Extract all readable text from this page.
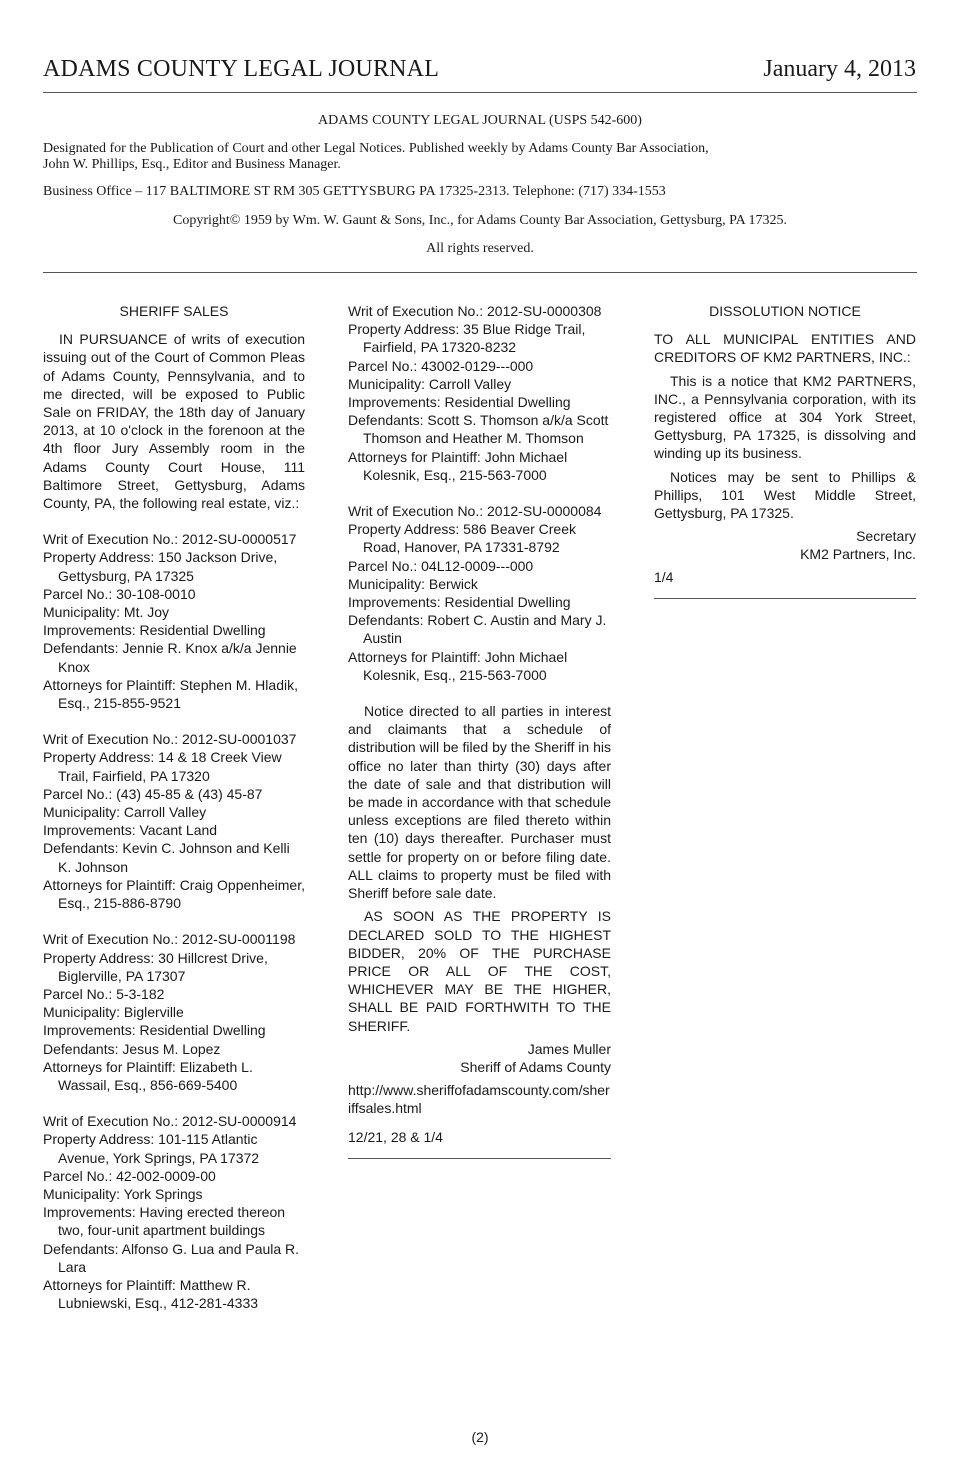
ADAMS COUNTY LEGAL JOURNAL	January 4, 2013
ADAMS COUNTY LEGAL JOURNAL (USPS 542-600)
Designated for the Publication of Court and other Legal Notices. Published weekly by Adams County Bar Association,
John W. Phillips, Esq., Editor and Business Manager.
Business Office – 117 BALTIMORE ST RM 305 GETTYSBURG PA 17325-2313. Telephone: (717) 334-1553
Copyright© 1959 by Wm. W. Gaunt & Sons, Inc., for Adams County Bar Association, Gettysburg, PA 17325.
All rights reserved.
SHERIFF SALES

IN PURSUANCE of writs of execution issuing out of the Court of Common Pleas of Adams County, Pennsylvania, and to me directed, will be exposed to Public Sale on FRIDAY, the 18th day of January 2013, at 10 o'clock in the forenoon at the 4th floor Jury Assembly room in the Adams County Court House, 111 Baltimore Street, Gettysburg, Adams County, PA, the following real estate, viz.:

Writ of Execution No.: 2012-SU-0000517
Property Address: 150 Jackson Drive, Gettysburg, PA 17325
Parcel No.: 30-108-0010
Municipality: Mt. Joy
Improvements: Residential Dwelling
Defendants: Jennie R. Knox a/k/a Jennie Knox
Attorneys for Plaintiff: Stephen M. Hladik, Esq., 215-855-9521
Writ of Execution No.: 2012-SU-0001037
Property Address: 14 & 18 Creek View Trail, Fairfield, PA 17320
Parcel No.: (43) 45-85 & (43) 45-87
Municipality: Carroll Valley
Improvements: Vacant Land
Defendants: Kevin C. Johnson and Kelli K. Johnson
Attorneys for Plaintiff: Craig Oppenheimer, Esq., 215-886-8790
Writ of Execution No.: 2012-SU-0001198
Property Address: 30 Hillcrest Drive, Biglerville, PA 17307
Parcel No.: 5-3-182
Municipality: Biglerville
Improvements: Residential Dwelling
Defendants: Jesus M. Lopez
Attorneys for Plaintiff: Elizabeth L. Wassail, Esq., 856-669-5400
Writ of Execution No.: 2012-SU-0000914
Property Address: 101-115 Atlantic Avenue, York Springs, PA 17372
Parcel No.: 42-002-0009-00
Municipality: York Springs
Improvements: Having erected thereon two, four-unit apartment buildings
Defendants: Alfonso G. Lua and Paula R. Lara
Attorneys for Plaintiff: Matthew R. Lubniewski, Esq., 412-281-4333
Writ of Execution No.: 2012-SU-0000308
Property Address: 35 Blue Ridge Trail, Fairfield, PA 17320-8232
Parcel No.: 43002-0129---000
Municipality: Carroll Valley
Improvements: Residential Dwelling
Defendants: Scott S. Thomson a/k/a Scott Thomson and Heather M. Thomson
Attorneys for Plaintiff: John Michael Kolesnik, Esq., 215-563-7000
Writ of Execution No.: 2012-SU-0000084
Property Address: 586 Beaver Creek Road, Hanover, PA 17331-8792
Parcel No.: 04L12-0009---000
Municipality: Berwick
Improvements: Residential Dwelling
Defendants: Robert C. Austin and Mary J. Austin
Attorneys for Plaintiff: John Michael Kolesnik, Esq., 215-563-7000

Notice directed to all parties in interest and claimants that a schedule of distribution will be filed by the Sheriff in his office no later than thirty (30) days after the date of sale and that distribution will be made in accordance with that schedule unless exceptions are filed thereto within ten (10) days thereafter. Purchaser must settle for property on or before filing date. ALL claims to property must be filed with Sheriff before sale date.

AS SOON AS THE PROPERTY IS DECLARED SOLD TO THE HIGHEST BIDDER, 20% OF THE PURCHASE PRICE OR ALL OF THE COST, WHICHEVER MAY BE THE HIGHER, SHALL BE PAID FORTHWITH TO THE SHERIFF.

James Muller
Sheriff of Adams County
http://www.sheriffofadamscounty.com/sheriffsales.html
12/21, 28 & 1/4
DISSOLUTION NOTICE

TO ALL MUNICIPAL ENTITIES AND CREDITORS OF KM2 PARTNERS, INC.:

This is a notice that KM2 PARTNERS, INC., a Pennsylvania corporation, with its registered office at 304 York Street, Gettysburg, PA 17325, is dissolving and winding up its business.

Notices may be sent to Phillips & Phillips, 101 West Middle Street, Gettysburg, PA 17325.

Secretary
KM2 Partners, Inc.
1/4
(2)
